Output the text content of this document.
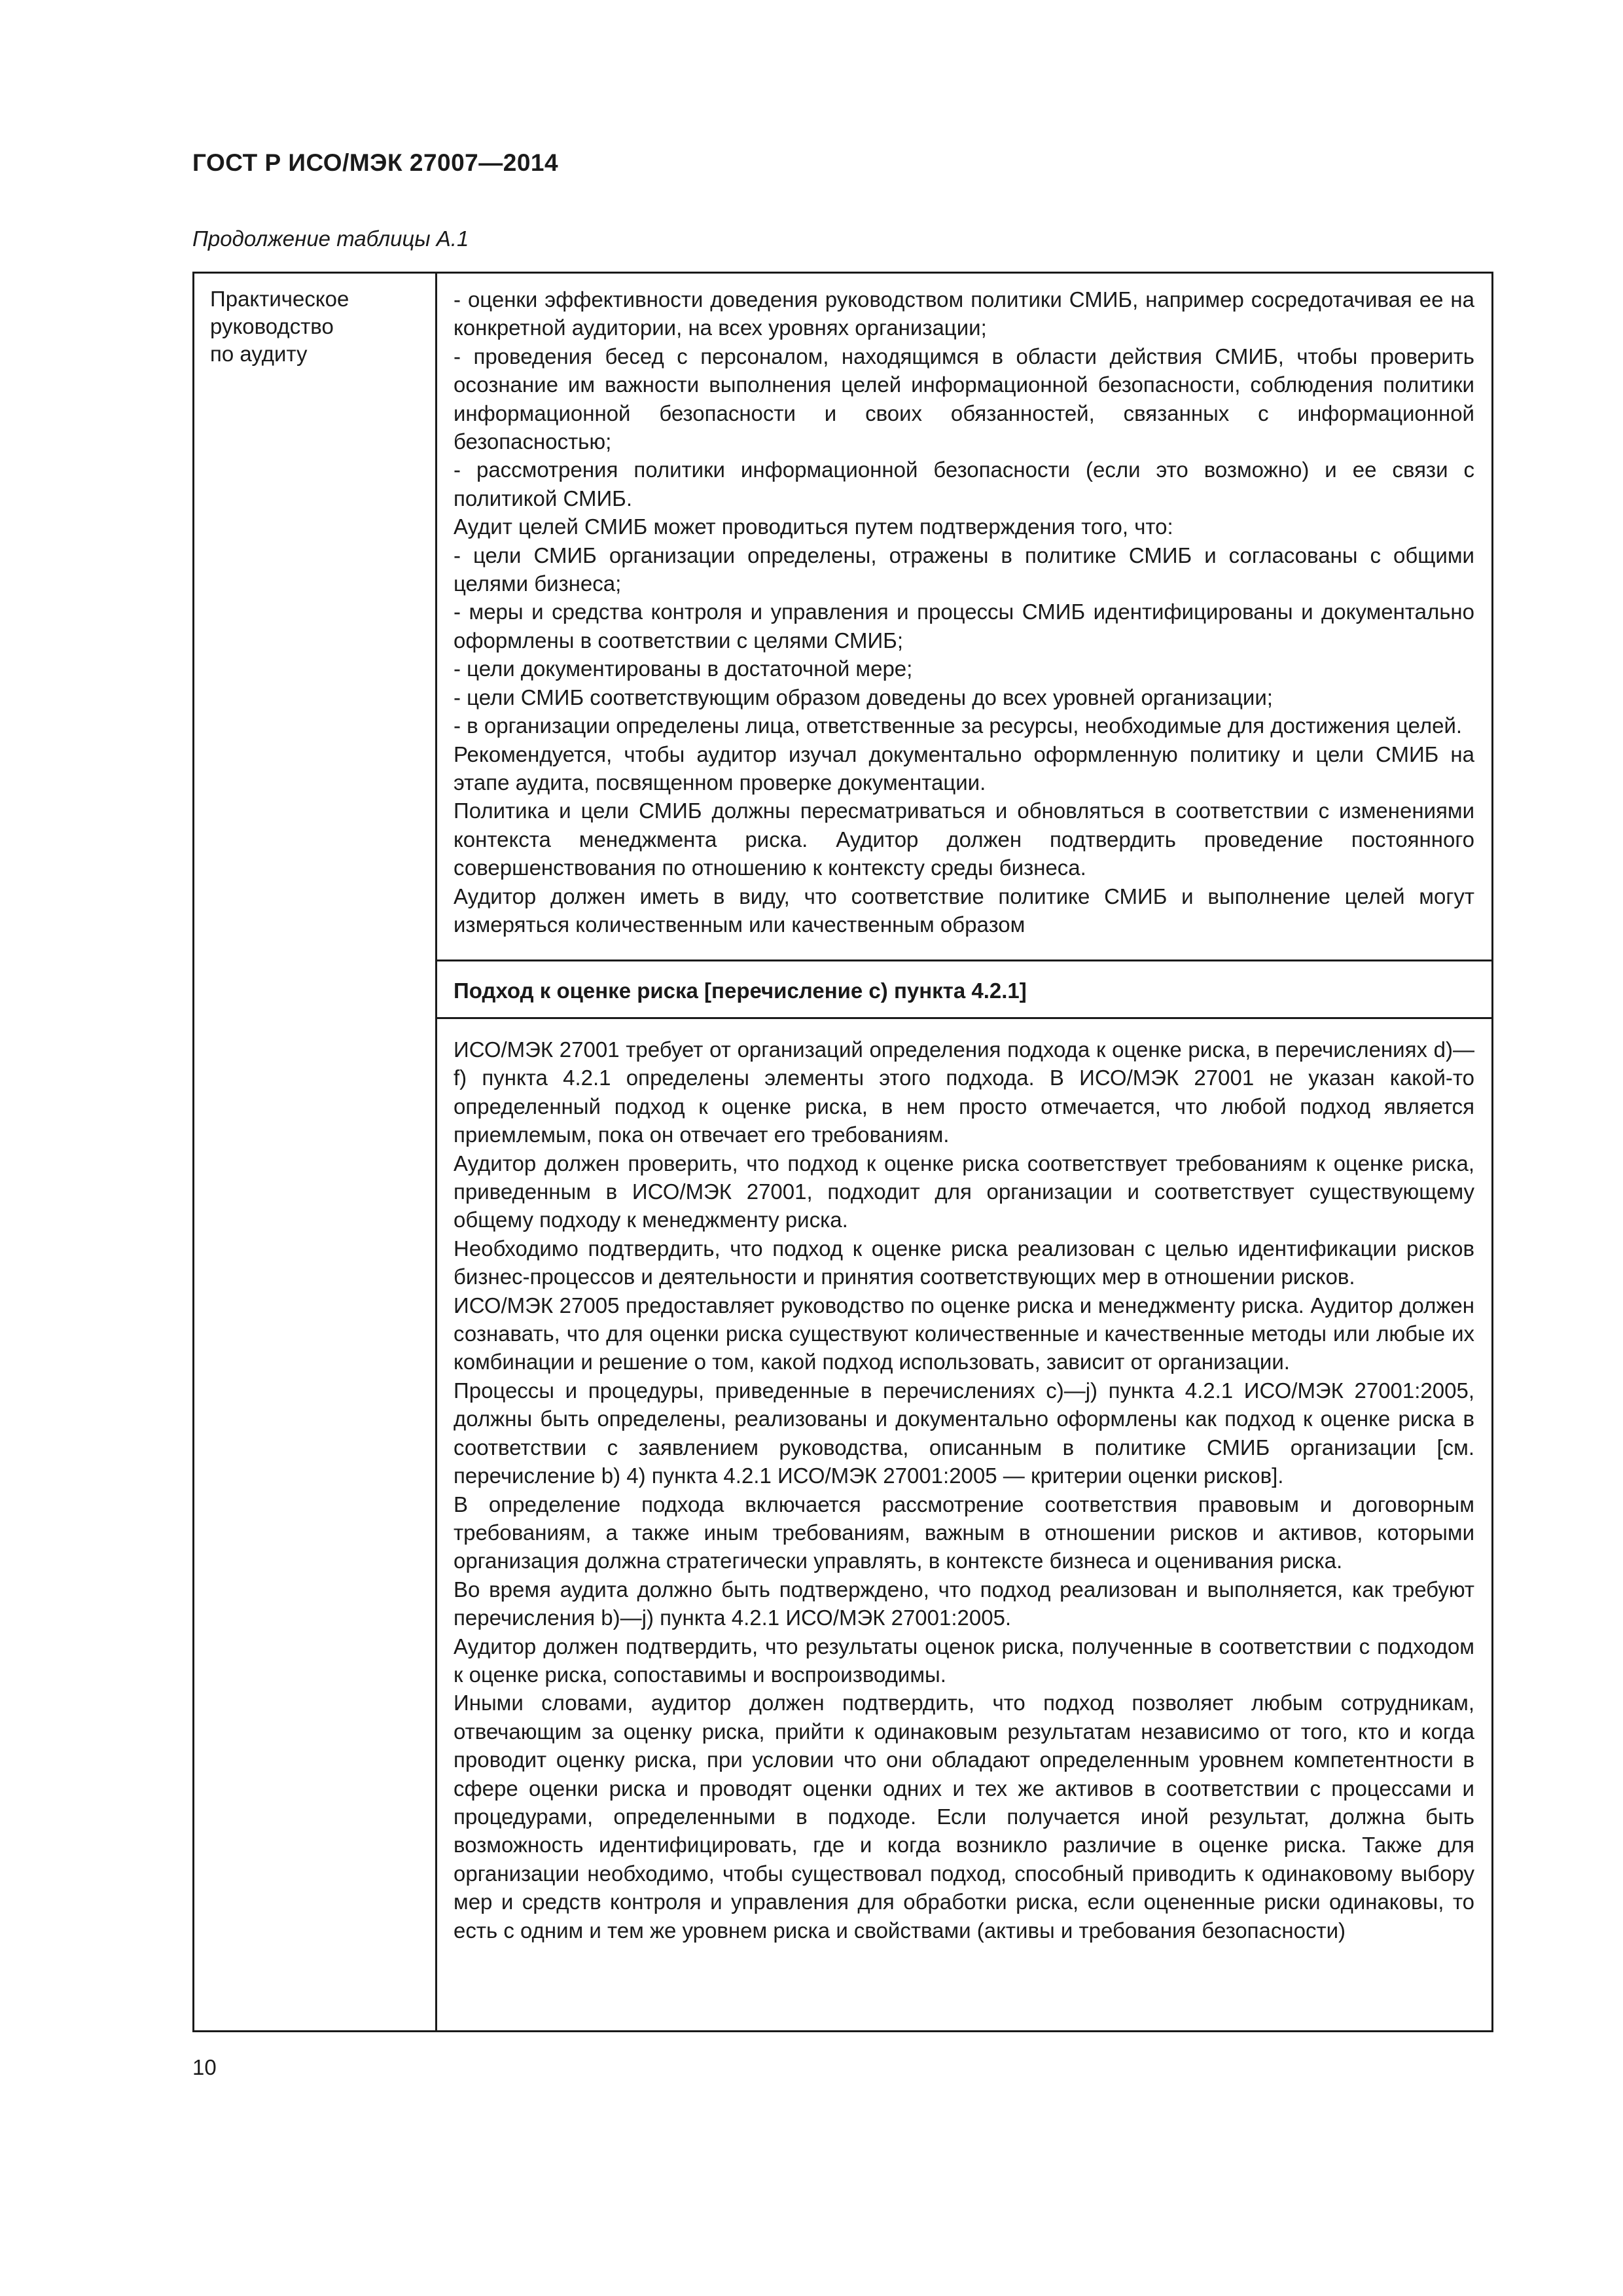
ГОСТ Р ИСО/МЭК 27007—2014
Продолжение таблицы А.1
Практическое
руководство
по аудиту

- оценки эффективности доведения руководством политики СМИБ, например сосредотачивая ее на конкретной аудитории, на всех уровнях организации;

- проведения бесед с персоналом, находящимся в области действия СМИБ, чтобы проверить осознание им важности выполнения целей информационной безопасности, соблюдения политики информационной безопасности и своих обязанностей, связанных с информационной безопасностью;

- рассмотрения политики информационной безопасности (если это возможно) и ее связи с политикой СМИБ.

Аудит целей СМИБ может проводиться путем подтверждения того, что:

- цели СМИБ организации определены, отражены в политике СМИБ и согласованы с общими целями бизнеса;

- меры и средства контроля и управления и процессы СМИБ идентифицированы и документально оформлены в соответствии с целями СМИБ;

- цели документированы в достаточной мере;

- цели СМИБ соответствующим образом доведены до всех уровней организации;

- в организации определены лица, ответственные за ресурсы, необходимые для достижения целей.

Рекомендуется, чтобы аудитор изучал документально оформленную политику и цели СМИБ на этапе аудита, посвященном проверке документации.

Политика и цели СМИБ должны пересматриваться и обновляться в соответствии с изменениями контекста менеджмента риска. Аудитор должен подтвердить проведение постоянного совершенствования по отношению к контексту среды бизнеса.

Аудитор должен иметь в виду, что соответствие политике СМИБ и выполнение целей могут измеряться количественным или качественным образом

Подход к оценке риска [перечисление с) пункта 4.2.1]

ИСО/МЭК 27001 требует от организаций определения подхода к оценке риска, в перечислениях d)—f) пункта 4.2.1 определены элементы этого подхода. В ИСО/МЭК 27001 не указан какой-то определенный подход к оценке риска, в нем просто отмечается, что любой подход является приемлемым, пока он отвечает его требованиям.

Аудитор должен проверить, что подход к оценке риска соответствует требованиям к оценке риска, приведенным в ИСО/МЭК 27001, подходит для организации и соответствует существующему общему подходу к менеджменту риска.

Необходимо подтвердить, что подход к оценке риска реализован с целью идентификации рисков бизнес-процессов и деятельности и принятия соответствующих мер в отношении рисков.

ИСО/МЭК 27005 предоставляет руководство по оценке риска и менеджменту риска. Аудитор должен сознавать, что для оценки риска существуют количественные и качественные методы или любые их комбинации и решение о том, какой подход использовать, зависит от организации.

Процессы и процедуры, приведенные в перечислениях с)—j) пункта 4.2.1 ИСО/МЭК 27001:2005, должны быть определены, реализованы и документально оформлены как подход к оценке риска в соответствии с заявлением руководства, описанным в политике СМИБ организации [см. перечисление b) 4) пункта 4.2.1 ИСО/МЭК 27001:2005 — критерии оценки рисков].

В определение подхода включается рассмотрение соответствия правовым и договорным требованиям, а также иным требованиям, важным в отношении рисков и активов, которыми организация должна стратегически управлять, в контексте бизнеса и оценивания риска.

Во время аудита должно быть подтверждено, что подход реализован и выполняется, как требуют перечисления b)—j) пункта 4.2.1 ИСО/МЭК 27001:2005.

Аудитор должен подтвердить, что результаты оценок риска, полученные в соответствии с подходом к оценке риска, сопоставимы и воспроизводимы.

Иными словами, аудитор должен подтвердить, что подход позволяет любым сотрудникам, отвечающим за оценку риска, прийти к одинаковым результатам независимо от того, кто и когда проводит оценку риска, при условии что они обладают определенным уровнем компетентности в сфере оценки риска и проводят оценки одних и тех же активов в соответствии с процессами и процедурами, определенными в подходе. Если получается иной результат, должна быть возможность идентифицировать, где и когда возникло различие в оценке риска. Также для организации необходимо, чтобы существовал подход, способный приводить к одинаковому выбору мер и средств контроля и управления для обработки риска, если оцененные риски одинаковы, то есть с одним и тем же уровнем риска и свойствами (активы и требования безопасности)

10
